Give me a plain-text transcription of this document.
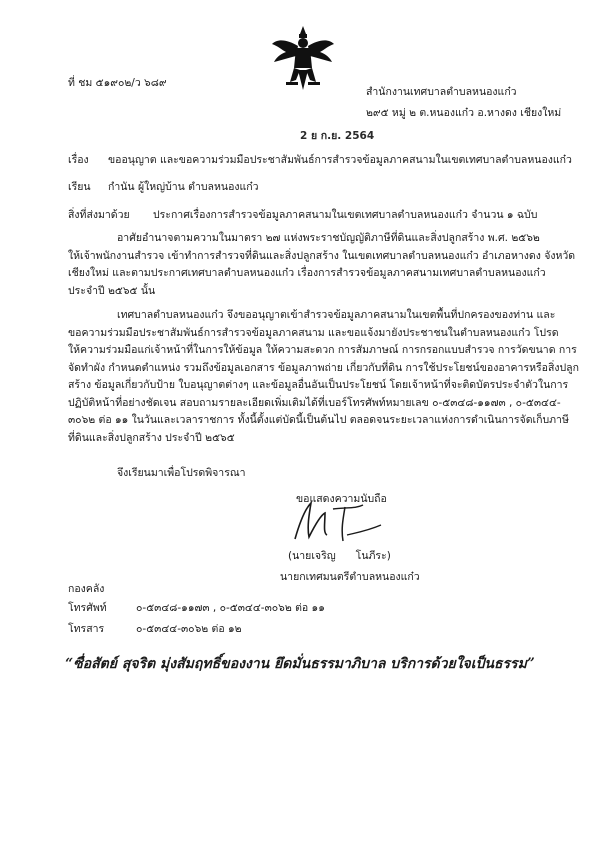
ที่ ชม ๕๑๙๐๒/ว ๖๘๙
สำนักงานเทศบาลตำบลหนองแก๋ว
๒๙๕ หมู่ ๒ ต.หนองแก๋ว อ.หางดง เชียงใหม่
2 ย ก.ย. 2564
เรื่อง ขออนุญาต และขอความร่วมมือประชาสัมพันธ์การสำรวจข้อมูลภาคสนามในเขตเทศบาลตำบลหนองแก๋ว
เรียน กำนัน ผู้ใหญ่บ้าน ตำบลหนองแก๋ว
สิ่งที่ส่งมาด้วย ประกาศเรื่องการสำรวจข้อมูลภาคสนามในเขตเทศบาลตำบลหนองแก๋ว จำนวน ๑ ฉบับ
อาศัยอำนาจตามความในมาตรา ๒๗ แห่งพระราชบัญญัติภาษีที่ดินและสิ่งปลูกสร้าง พ.ศ. ๒๕๖๒
ให้เจ้าพนักงานสำรวจ เข้าทำการสำรวจที่ดินและสิ่งปลูกสร้าง ในเขตเทศบาลตำบลหนองแก๋ว อำเภอหางดง จังหวัด
เชียงใหม่ และตามประกาศเทศบาลตำบลหนองแก๋ว เรื่องการสำรวจข้อมูลภาคสนามเทศบาลตำบลหนองแก๋ว
ประจำปี ๒๕๖๕ นั้น
เทศบาลตำบลหนองแก๋ว จึงขออนุญาตเข้าสำรวจข้อมูลภาคสนามในเขตพื้นที่ปกครองของท่าน และ
ขอความร่วมมือประชาสัมพันธ์การสำรวจข้อมูลภาคสนาม และขอแจ้งมายังประชาชนในตำบลหนองแก๋ว โปรด
ให้ความร่วมมือแก่เจ้าหน้าที่ในการให้ข้อมูล ให้ความสะดวก การสัมภาษณ์ การกรอกแบบสำรวจ การวัดขนาด การ
จัดทำผัง กำหนดตำแหน่ง รวมถึงข้อมูลเอกสาร ข้อมูลภาพถ่าย เกี่ยวกับที่ดิน การใช้ประโยชน์ของอาคารหรือสิ่งปลูก
สร้าง ข้อมูลเกี่ยวกับป้าย ใบอนุญาตต่างๆ และข้อมูลอื่นอันเป็นประโยชน์ โดยเจ้าหน้าที่จะติดบัตรประจำตัวในการ
ปฏิบัติหน้าที่อย่างชัดเจน สอบถามรายละเอียดเพิ่มเติมได้ที่เบอร์โทรศัพท์หมายเลข ๐-๕๓๔๘-๑๑๗๓ , ๐-๕๓๔๔-
๓๐๖๒ ต่อ ๑๑ ในวันและเวลาราชการ ทั้งนี้ตั้งแต่บัดนี้เป็นต้นไป ตลอดจนระยะเวลาแห่งการดำเนินการจัดเก็บภาษี
ที่ดินและสิ่งปลูกสร้าง ประจำปี ๒๕๖๕
จึงเรียนมาเพื่อโปรดพิจารณา
ขอแสดงความนับถือ
(นายเจริญ      โนภีระ)
นายกเทศมนตรีตำบลหนองแก๋ว
กองคลัง
โทรศัพท์	๐-๕๓๔๘-๑๑๗๓ , ๐-๕๓๔๔-๓๐๖๒ ต่อ ๑๑
โทรสาร	๐-๕๓๔๔-๓๐๖๒ ต่อ ๑๒
“ซื่อสัตย์ สุจริต มุ่งสัมฤทธิ์ของงาน ยึดมั่นธรรมาภิบาล บริการด้วยใจเป็นธรรม”
